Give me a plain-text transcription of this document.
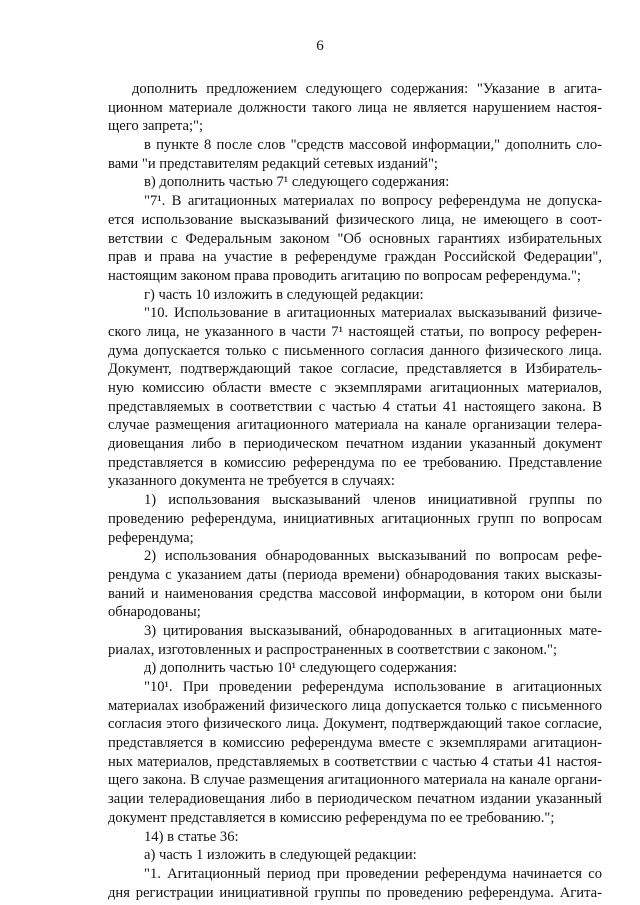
6
дополнить предложением следующего содержания: "Указание в агита-
ционном материале должности такого лица не является нарушением настоя-
щего запрета;";
в пункте 8 после слов "средств массовой информации," дополнить сло-
вами "и представителям редакций сетевых изданий";
в) дополнить частью 7¹ следующего содержания:
"7¹. В агитационных материалах по вопросу референдума не допуска-
ется использование высказываний физического лица, не имеющего в соот-
ветствии с Федеральным законом "Об основных гарантиях избирательных
прав и права на участие в референдуме граждан Российской Федерации",
настоящим законом права проводить агитацию по вопросам референдума.";
г) часть 10 изложить в следующей редакции:
"10. Использование в агитационных материалах высказываний физиче-
ского лица, не указанного в части 7¹ настоящей статьи, по вопросу референ-
дума допускается только с письменного согласия данного физического лица.
Документ, подтверждающий такое согласие, представляется в Избиратель-
ную комиссию области вместе с экземплярами агитационных материалов,
представляемых в соответствии с частью 4 статьи 41 настоящего закона. В
случае размещения агитационного материала на канале организации телера-
диовещания либо в периодическом печатном издании указанный документ
представляется в комиссию референдума по ее требованию. Представление
указанного документа не требуется в случаях:
1) использования высказываний членов инициативной группы по
проведению референдума, инициативных агитационных групп по вопросам
референдума;
2) использования обнародованных высказываний по вопросам рефе-
рендума с указанием даты (периода времени) обнародования таких высказы-
ваний и наименования средства массовой информации, в котором они были
обнародованы;
3) цитирования высказываний, обнародованных в агитационных мате-
риалах, изготовленных и распространенных в соответствии с законом.";
д) дополнить частью 10¹ следующего содержания:
"10¹. При проведении референдума использование в агитационных
материалах изображений физического лица допускается только с письменного
согласия этого физического лица. Документ, подтверждающий такое согласие,
представляется в комиссию референдума вместе с экземплярами агитацион-
ных материалов, представляемых в соответствии с частью 4 статьи 41 настоя-
щего закона. В случае размещения агитационного материала на канале органи-
зации телерадиовещания либо в периодическом печатном издании указанный
документ представляется в комиссию референдума по ее требованию.";
14) в статье 36:
а) часть 1 изложить в следующей редакции:
"1. Агитационный период при проведении референдума начинается со
дня регистрации инициативной группы по проведению референдума. Агита-
